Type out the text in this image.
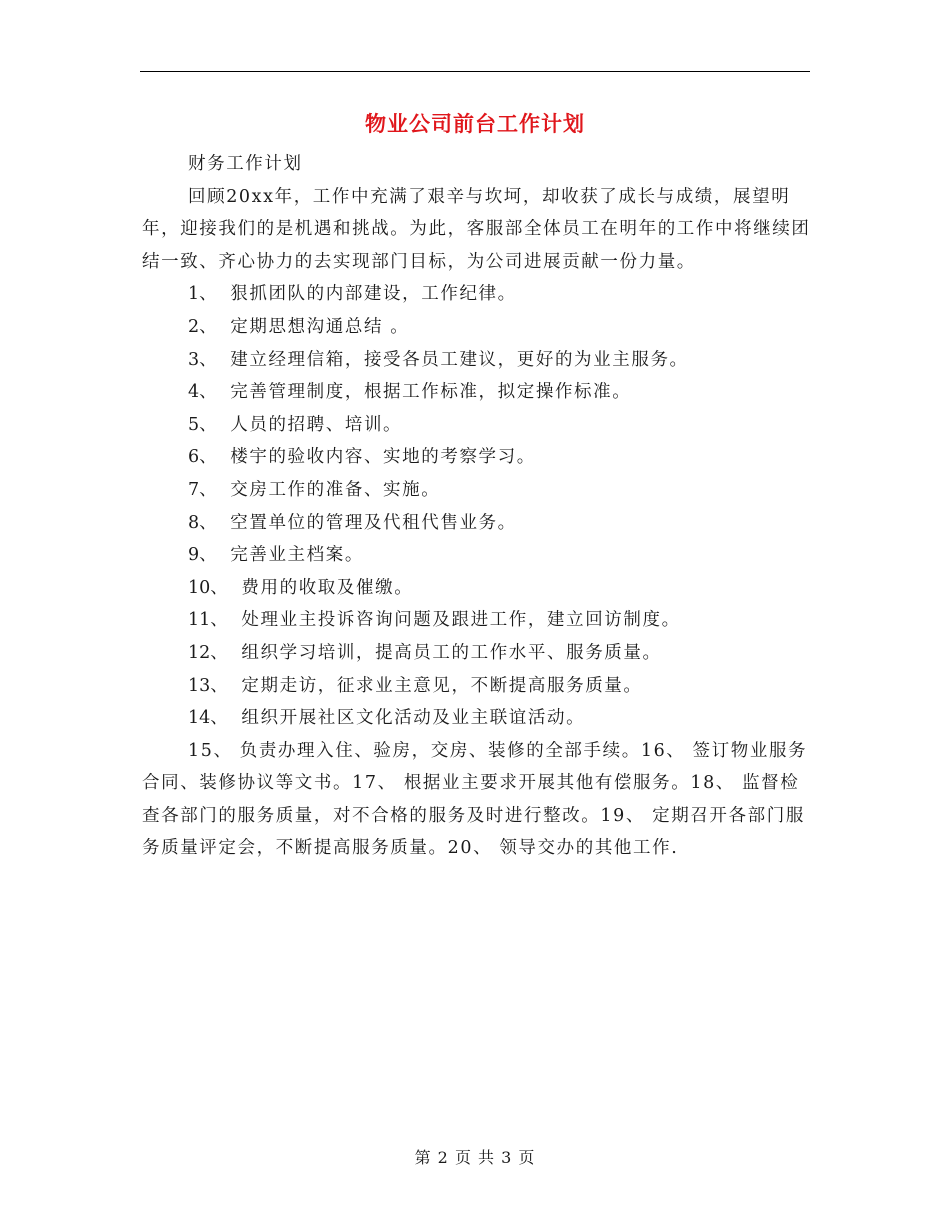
物业公司前台工作计划

财务工作计划

回顾20xx年，工作中充满了艰辛与坎坷，却收获了成长与成绩，展望明年，迎接我们的是机遇和挑战。为此，客服部全体员工在明年的工作中将继续团结一致、齐心协力的去实现部门目标，为公司进展贡献一份力量。

1、 狠抓团队的内部建设，工作纪律。

2、 定期思想沟通总结 。

3、 建立经理信箱，接受各员工建议，更好的为业主服务。

4、 完善管理制度，根据工作标准，拟定操作标准。

5、 人员的招聘、培训。

6、 楼宇的验收内容、实地的考察学习。

7、 交房工作的准备、实施。

8、 空置单位的管理及代租代售业务。

9、 完善业主档案。

10、 费用的收取及催缴。

11、 处理业主投诉咨询问题及跟进工作，建立回访制度。

12、 组织学习培训，提高员工的工作水平、服务质量。

13、 定期走访，征求业主意见，不断提高服务质量。

14、 组织开展社区文化活动及业主联谊活动。

15、 负责办理入住、验房，交房、装修的全部手续。16、 签订物业服务合同、装修协议等文书。17、 根据业主要求开展其他有偿服务。18、 监督检查各部门的服务质量，对不合格的服务及时进行整改。19、 定期召开各部门服务质量评定会，不断提高服务质量。20、 领导交办的其他工作.

第 2 页 共 3 页
